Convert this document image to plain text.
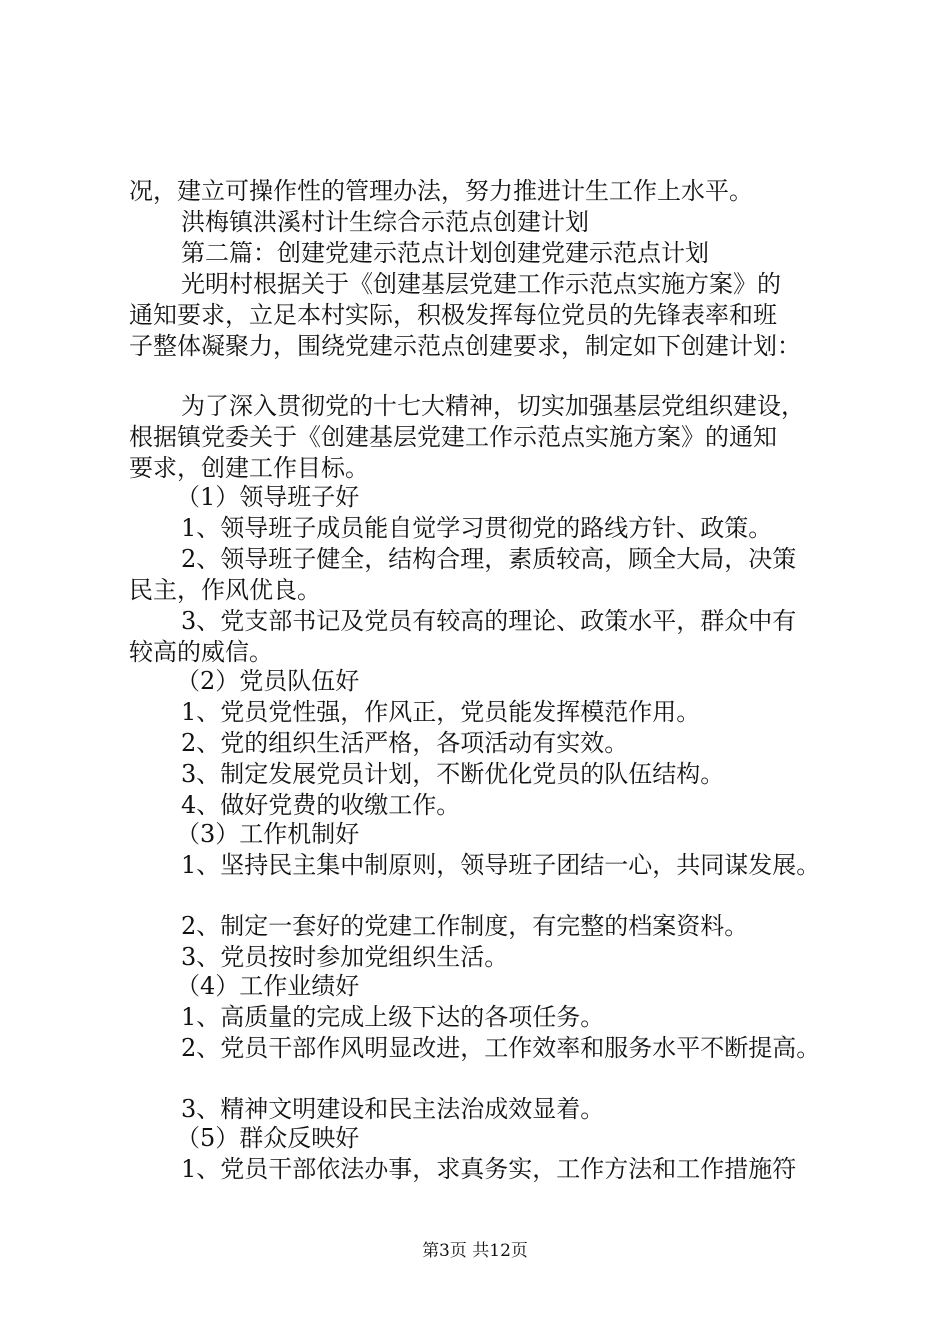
况，建立可操作性的管理办法，努力推进计生工作上水平。
洪梅镇洪溪村计生综合示范点创建计划
第二篇：创建党建示范点计划创建党建示范点计划
光明村根据关于《创建基层党建工作示范点实施方案》的
通知要求，立足本村实际，积极发挥每位党员的先锋表率和班
子整体凝聚力，围绕党建示范点创建要求，制定如下创建计划：
为了深入贯彻党的十七大精神，切实加强基层党组织建设，
根据镇党委关于《创建基层党建工作示范点实施方案》的通知
要求，创建工作目标。
（1）领导班子好
1、领导班子成员能自觉学习贯彻党的路线方针、政策。
2、领导班子健全，结构合理，素质较高，顾全大局，决策
民主，作风优良。
3、党支部书记及党员有较高的理论、政策水平，群众中有
较高的威信。
（2）党员队伍好
1、党员党性强，作风正，党员能发挥模范作用。
2、党的组织生活严格，各项活动有实效。
3、制定发展党员计划，不断优化党员的队伍结构。
4、做好党费的收缴工作。
（3）工作机制好
1、坚持民主集中制原则，领导班子团结一心，共同谋发展。
2、制定一套好的党建工作制度，有完整的档案资料。
3、党员按时参加党组织生活。
（4）工作业绩好
1、高质量的完成上级下达的各项任务。
2、党员干部作风明显改进，工作效率和服务水平不断提高。
3、精神文明建设和民主法治成效显着。
（5）群众反映好
1、党员干部依法办事，求真务实，工作方法和工作措施符
第3页 共12页
